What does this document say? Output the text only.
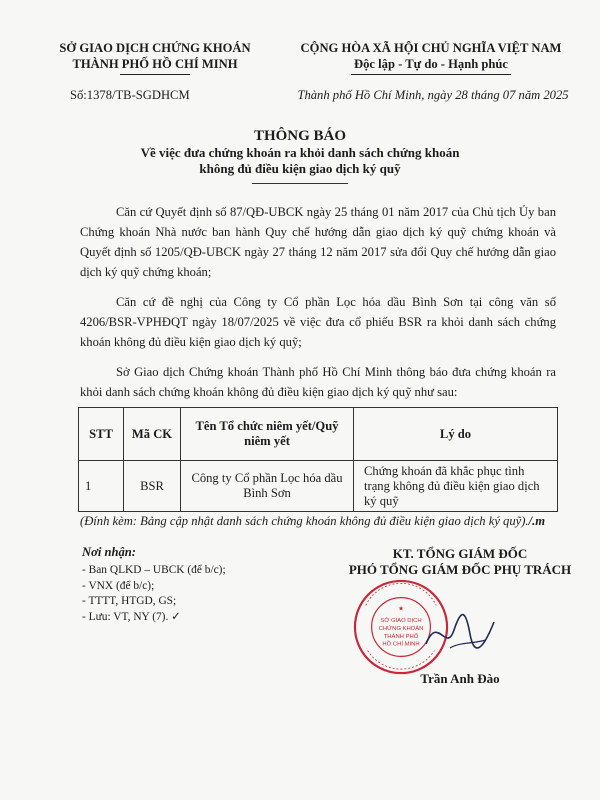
SỞ GIAO DỊCH CHỨNG KHOÁN
THÀNH PHỐ HỒ CHÍ MINH
CỘNG HÒA XÃ HỘI CHỦ NGHĨA VIỆT NAM
Độc lập - Tự do - Hạnh phúc
Số:1378/TB-SGDHCM	Thành phố Hồ Chí Minh, ngày 28 tháng 07 năm 2025
THÔNG BÁO
Về việc đưa chứng khoán ra khỏi danh sách chứng khoán
không đủ điều kiện giao dịch ký quỹ
Căn cứ Quyết định số 87/QĐ-UBCK ngày 25 tháng 01 năm 2017 của Chủ tịch Ủy ban Chứng khoán Nhà nước ban hành Quy chế hướng dẫn giao dịch ký quỹ chứng khoán và Quyết định số 1205/QĐ-UBCK ngày 27 tháng 12 năm 2017 sửa đổi Quy chế hướng dẫn giao dịch ký quỹ chứng khoán;
Căn cứ đề nghị của Công ty Cổ phần Lọc hóa dầu Bình Sơn tại công văn số 4206/BSR-VPHĐQT ngày 18/07/2025 về việc đưa cổ phiếu BSR ra khỏi danh sách chứng khoán không đủ điều kiện giao dịch ký quỹ;
Sở Giao dịch Chứng khoán Thành phố Hồ Chí Minh thông báo đưa chứng khoán ra khỏi danh sách chứng khoán không đủ điều kiện giao dịch ký quỹ như sau:
STT	Mã CK	Tên Tổ chức niêm yết/Quỹ niêm yết	Lý do
1	BSR	Công ty Cổ phần Lọc hóa dầu Bình Sơn	Chứng khoán đã khắc phục tình trạng không đủ điều kiện giao dịch ký quỹ
(Đính kèm: Bảng cập nhật danh sách chứng khoán không đủ điều kiện giao dịch ký quỹ)./.m
Nơi nhận:
- Ban QLKD – UBCK (để b/c);
- VNX (để b/c);
- TTTT, HTGD, GS;
- Lưu: VT, NY (7). ✓
KT. TỔNG GIÁM ĐỐC
PHÓ TỔNG GIÁM ĐỐC PHỤ TRÁCH
★
SỞ GIAO DỊCH
CHỨNG KHOÁN
THÀNH PHỐ
HỒ CHÍ MINH
Trần Anh Đào
